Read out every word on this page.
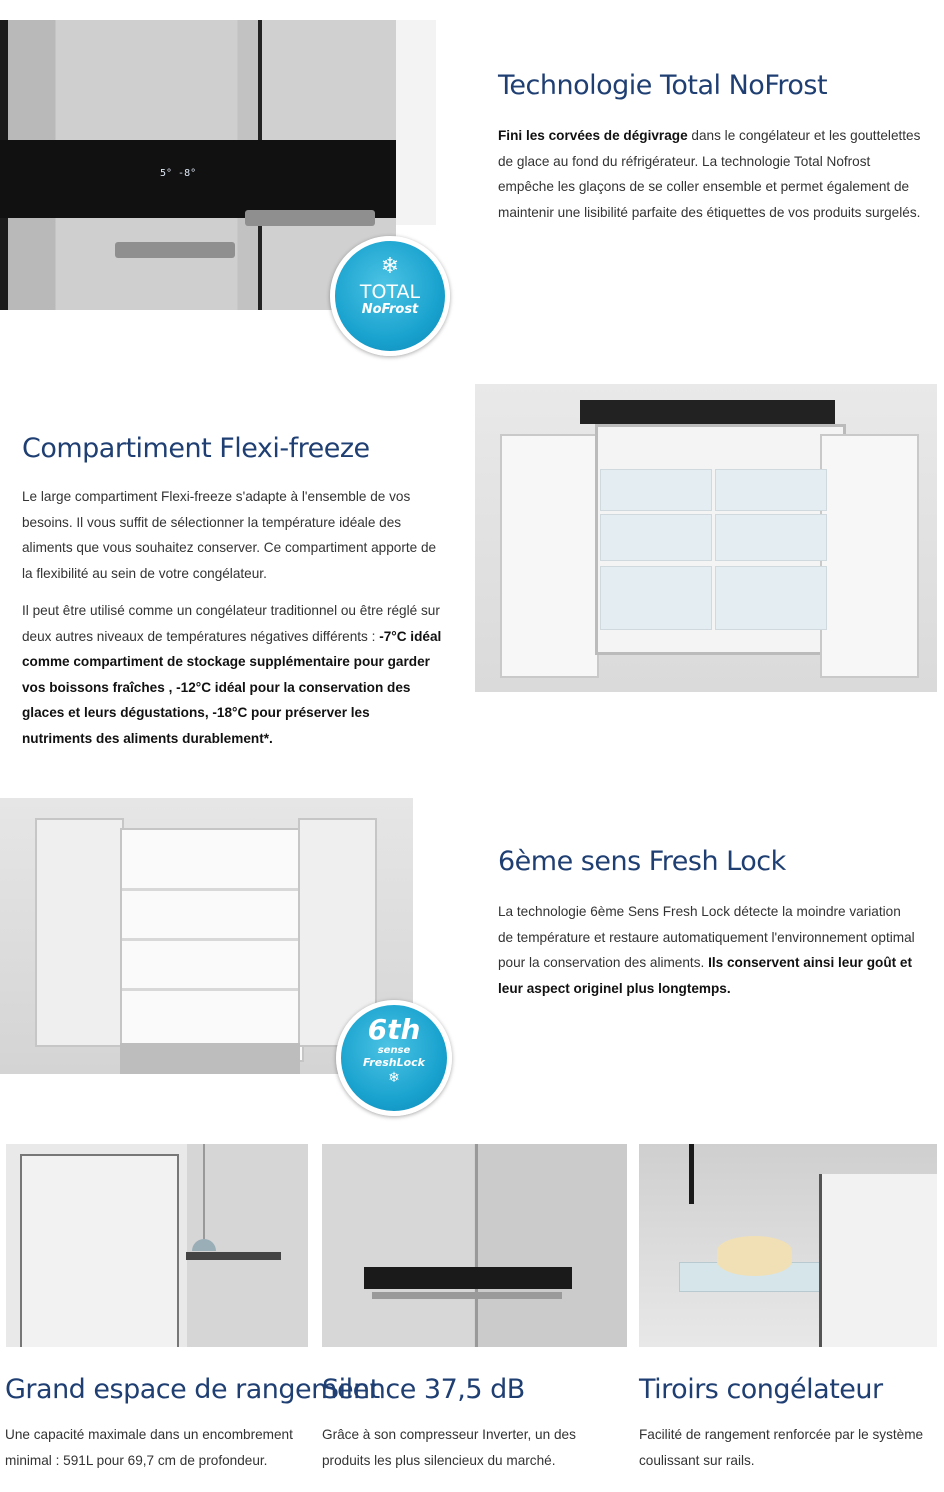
5° -8°
❄
TOTAL
NoFrost
Technologie Total NoFrost

Fini les corvées de dégivrage dans le congélateur et les gouttelettes de glace au fond du réfrigérateur. La technologie Total Nofrost empêche les glaçons de se coller ensemble et permet également de maintenir une lisibilité parfaite des étiquettes de vos produits surgelés.

Compartiment Flexi-freeze

Le large compartiment Flexi-freeze s'adapte à l'ensemble de vos besoins. Il vous suffit de sélectionner la température idéale des aliments que vous souhaitez conserver. Ce compartiment apporte de la flexibilité au sein de votre congélateur.

Il peut être utilisé comme un congélateur traditionnel ou être réglé sur deux autres niveaux de températures négatives différents : -7°C idéal comme compartiment de stockage supplémentaire pour garder vos boissons fraîches , -12°C idéal pour la conservation des glaces et leurs dégustations, -18°C pour préserver les nutriments des aliments durablement*.

6th
sense
FreshLock
❄
6ème sens Fresh Lock

La technologie 6ème Sens Fresh Lock détecte la moindre variation de température et restaure automatiquement l'environnement optimal pour la conservation des aliments. Ils conservent ainsi leur goût et leur aspect originel plus longtemps.

Grand espace de rangement

Une capacité maximale dans un encombrement minimal : 591L pour 69,7 cm de profondeur.

Silence 37,5 dB

Grâce à son compresseur Inverter, un des produits les plus silencieux du marché.

Tiroirs congélateur

Facilité de rangement renforcée par le système coulissant sur rails.
